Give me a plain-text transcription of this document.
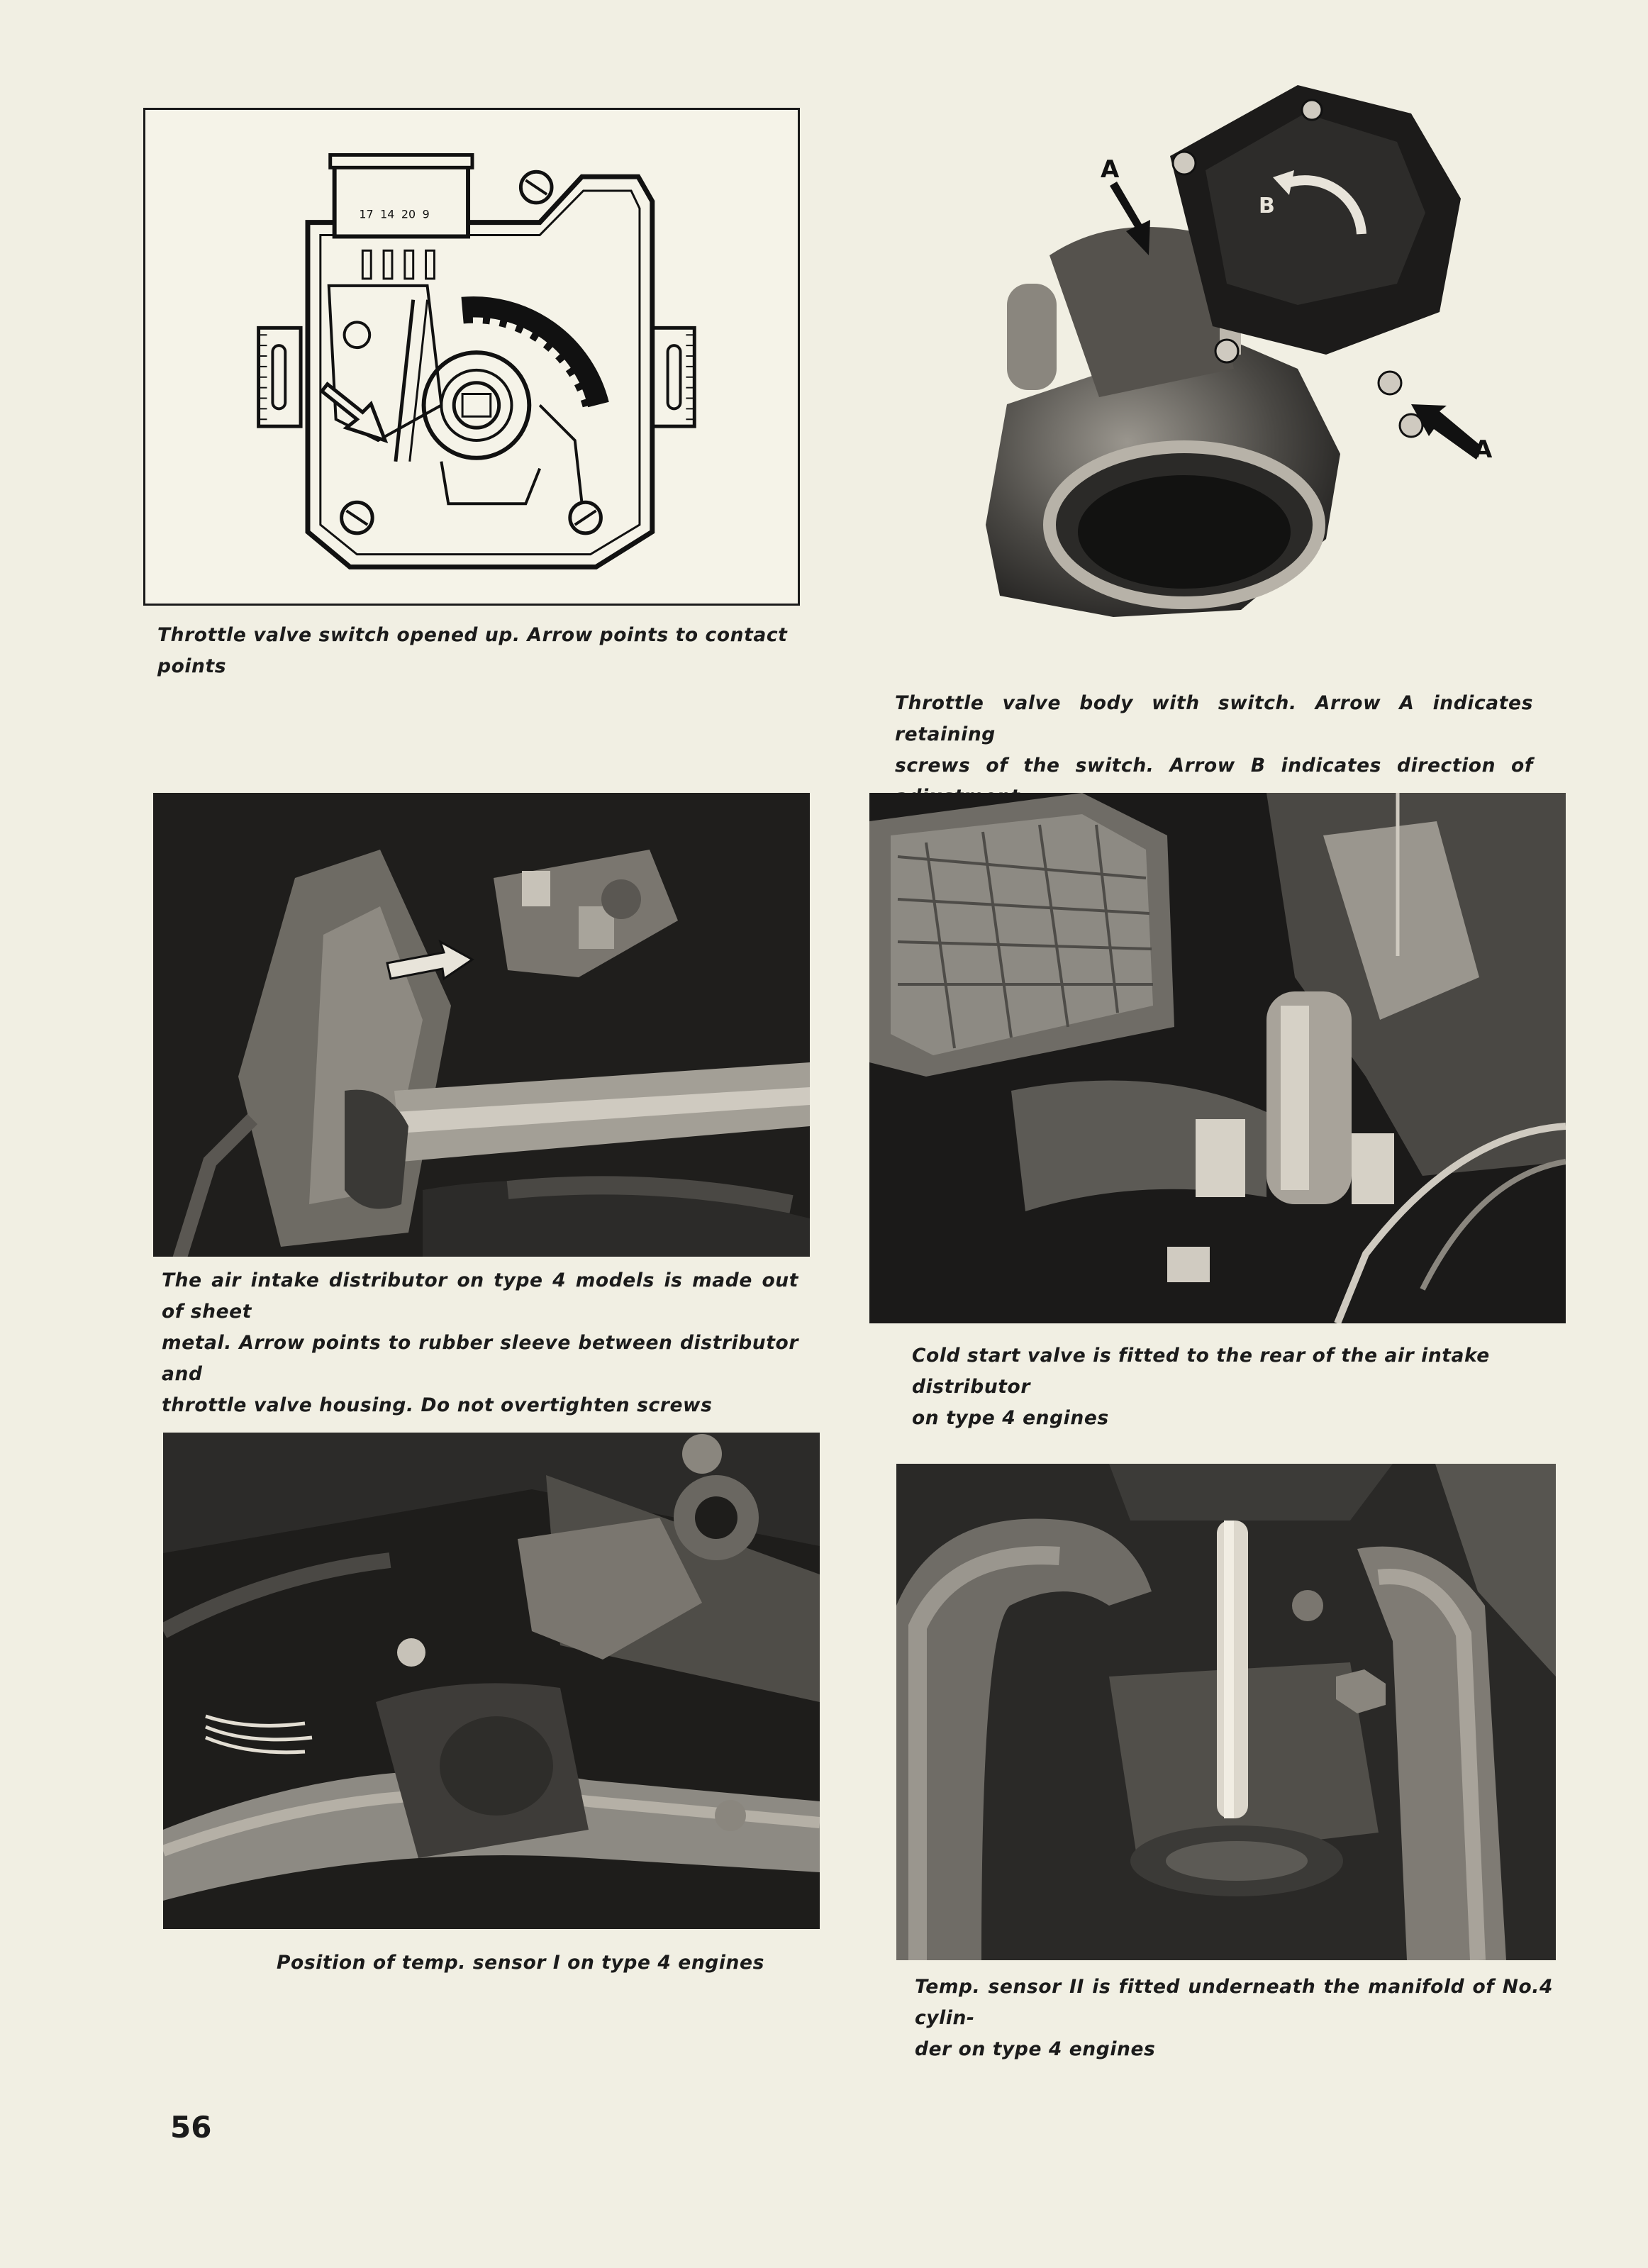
17 14 20 9

Throttle valve switch opened up. Arrow points to contact points

B
A
A

Throttle valve body with switch. Arrow A indicates retaining
screws of the switch. Arrow B indicates direction of

The air intake distributor on type 4 models is made out of sheet
metal. Arrow points to rubber sleeve between distributor and
throttle valve housing. Do not overtighten screws

Cold start valve is fitted to the rear of the air intake distributor
on type 4 engines

Position of temp. sensor I on type 4 engines

Temp. sensor II is fitted underneath the manifold of No.4 cylin-
der on type 4 engines

56
